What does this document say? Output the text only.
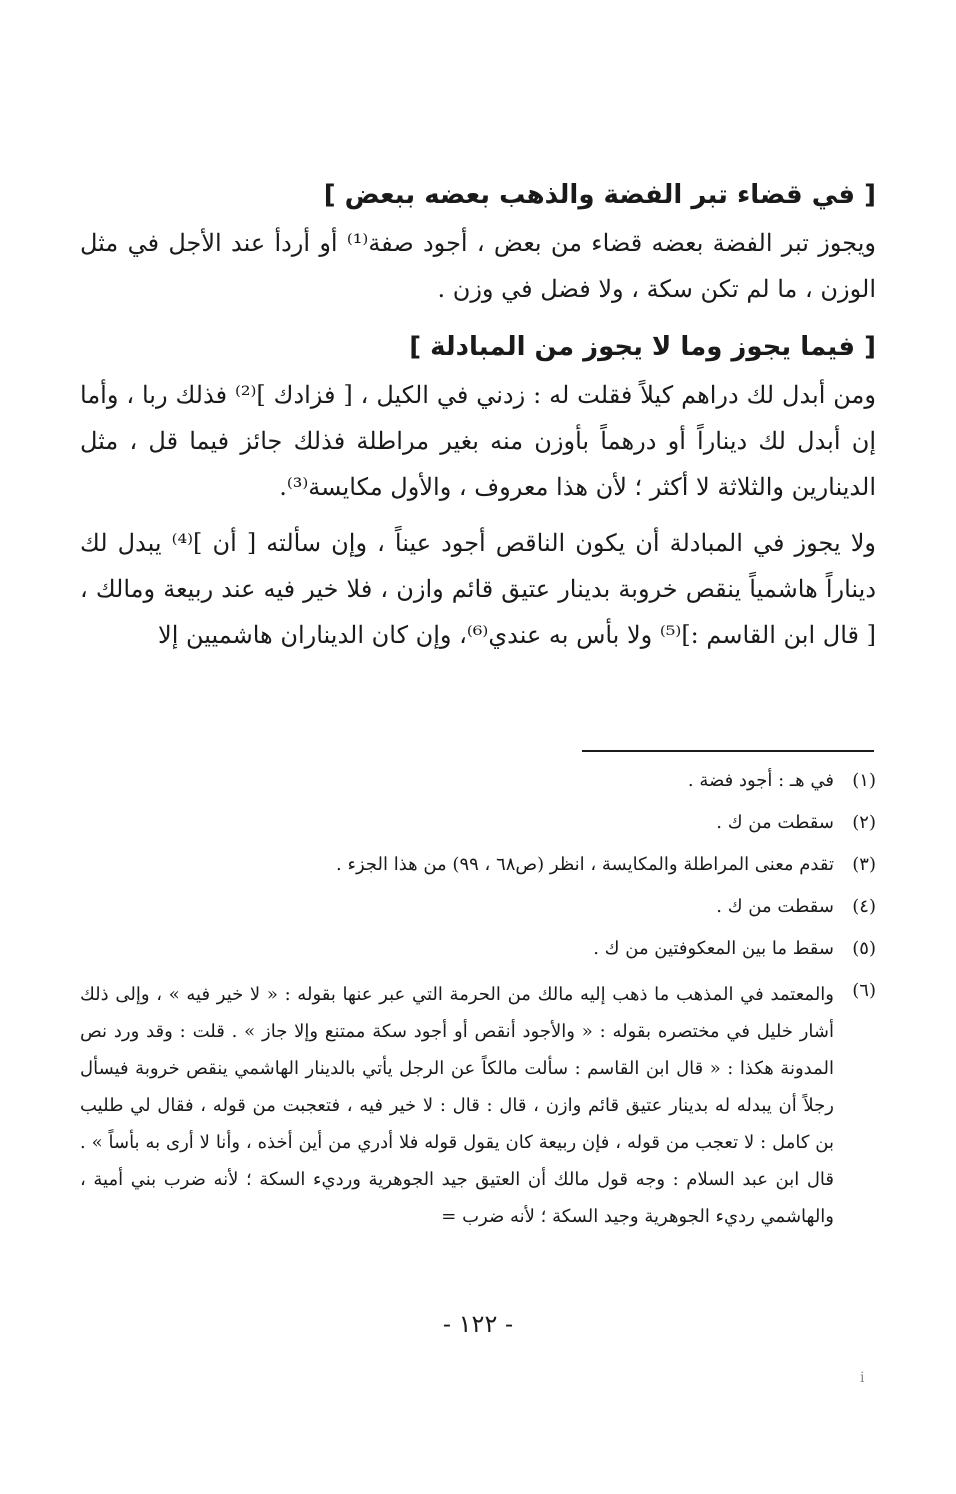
[ في قضاء تبر الفضة والذهب بعضه ببعض ]

ويجوز تبر الفضة بعضه قضاء من بعض ، أجود صفة⁽¹⁾ أو أردأ عند الأجل في مثل الوزن ، ما لم تكن سكة ، ولا فضل في وزن .

[ فيما يجوز وما لا يجوز من المبادلة ]

ومن أبدل لك دراهم كيلاً فقلت له : زدني في الكيل ، [ فزادك ]⁽²⁾ فذلك ربا ، وأما إن أبدل لك ديناراً أو درهماً بأوزن منه بغير مراطلة فذلك جائز فيما قل ، مثل الدينارين والثلاثة لا أكثر ؛ لأن هذا معروف ، والأول مكايسة⁽³⁾.

ولا يجوز في المبادلة أن يكون الناقص أجود عيناً ، وإن سألته [ أن ]⁽⁴⁾ يبدل لك ديناراً هاشمياً ينقص خروبة بدينار عتيق قائم وازن ، فلا خير فيه عند ربيعة ومالك ، [ قال ابن القاسم :]⁽⁵⁾ ولا بأس به عندي⁽⁶⁾، وإن كان الديناران هاشميين إلا

(١)
في هـ : أجود فضة .
(٢)
سقطت من ك .
(٣)
تقدم معنى المراطلة والمكايسة ، انظر (ص٦٨ ، ٩٩) من هذا الجزء .
(٤)
سقطت من ك .
(٥)
سقط ما بين المعكوفتين من ك .
(٦)
والمعتمد في المذهب ما ذهب إليه مالك من الحرمة التي عبر عنها بقوله : « لا خير فيه » ، وإلى ذلك أشار خليل في مختصره بقوله : « والأجود أنقص أو أجود سكة ممتنع وإلا جاز » . قلت : وقد ورد نص المدونة هكذا : « قال ابن القاسم : سألت مالكاً عن الرجل يأتي بالدينار الهاشمي ينقص خروبة فيسأل رجلاً أن يبدله له بدينار عتيق قائم وازن ، قال : قال : لا خير فيه ، فتعجبت من قوله ، فقال لي طليب بن كامل : لا تعجب من قوله ، فإن ربيعة كان يقول قوله فلا أدري من أين أخذه ، وأنا لا أرى به بأساً » . قال ابن عبد السلام : وجه قول مالك أن العتيق جيد الجوهرية ورديء السكة ؛ لأنه ضرب بني أمية ، والهاشمي رديء الجوهرية وجيد السكة ؛ لأنه ضرب =
- ١٢٢ -
i
